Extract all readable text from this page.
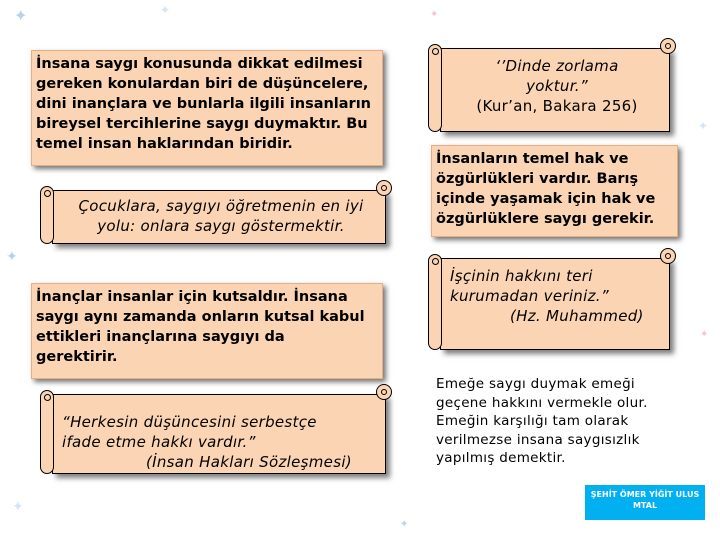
✦	✦	✦
✦
✦
✦
✦
✦
İnsana saygı konusunda dikkat edilmesi
gereken konulardan biri de düşüncelere,
dini inançlara ve bunlarla ilgili insanların
bireysel tercihlerine saygı duymaktır. Bu
temel insan haklarından biridir.
Çocuklara, saygıyı öğretmenin en iyi
yolu: onlara saygı göstermektir.
İnançlar insanlar için kutsaldır. İnsana
saygı aynı zamanda onların kutsal kabul
ettikleri inançlarına saygıyı da
gerektirir.
“Herkesin düşüncesini serbestçe
ifade etme hakkı vardır.”
(İnsan Hakları Sözleşmesi)
‘’Dinde zorlama
yoktur.”
(Kur’an, Bakara 256)
İnsanların temel hak ve
özgürlükleri vardır. Barış
içinde yaşamak için hak ve
özgürlüklere saygı gerekir.
İşçinin hakkını teri
kurumadan veriniz.”
(Hz. Muhammed)
Emeğe saygı duymak emeği
geçene hakkını vermekle olur.
Emeğin karşılığı tam olarak
verilmezse insana saygısızlık
yapılmış demektir.
ŞEHİT ÖMER YİĞİT ULUS
MTAL
